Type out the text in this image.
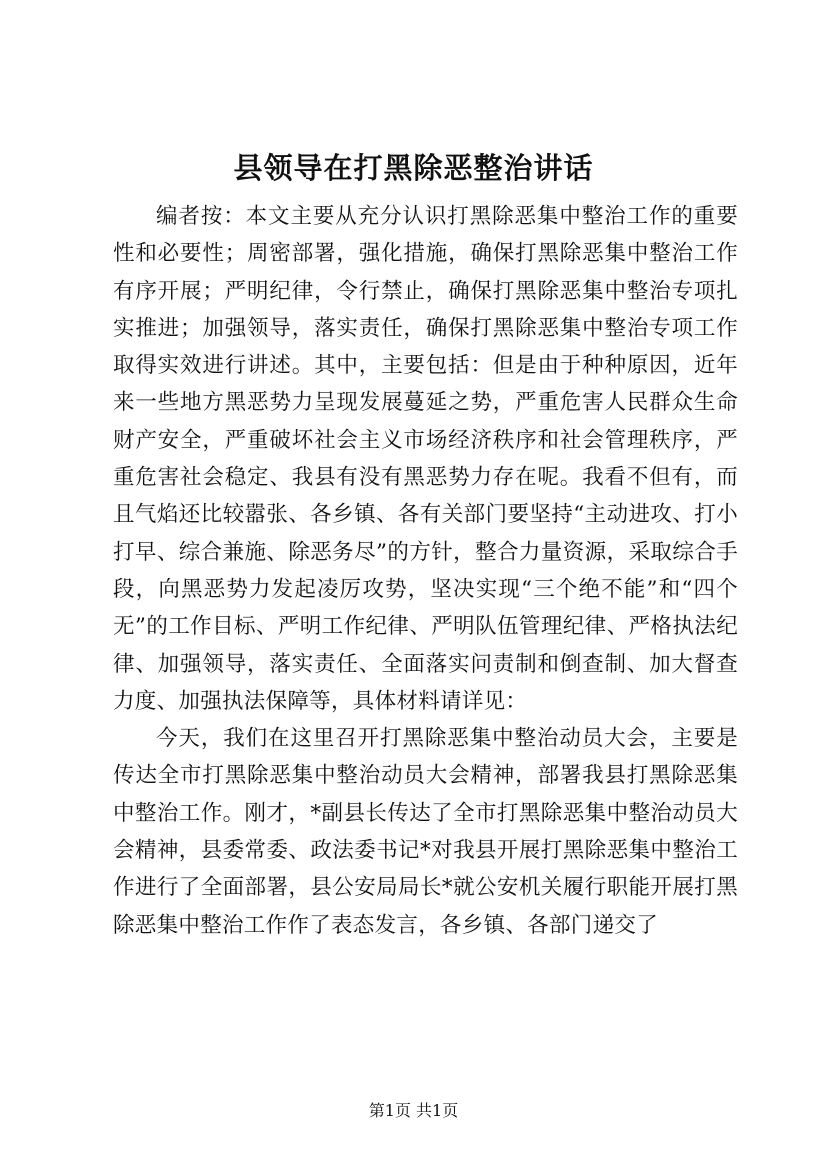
县领导在打黑除恶整治讲话

编者按：本文主要从充分认识打黑除恶集中整治工作的重要性和必要性；周密部署，强化措施，确保打黑除恶集中整治工作有序开展；严明纪律，令行禁止，确保打黑除恶集中整治专项扎实推进；加强领导，落实责任，确保打黑除恶集中整治专项工作取得实效进行讲述。其中，主要包括：但是由于种种原因，近年来一些地方黑恶势力呈现发展蔓延之势，严重危害人民群众生命财产安全，严重破坏社会主义市场经济秩序和社会管理秩序，严重危害社会稳定、我县有没有黑恶势力存在呢。我看不但有，而且气焰还比较嚣张、各乡镇、各有关部门要坚持“主动进攻、打小打早、综合兼施、除恶务尽”的方针，整合力量资源，采取综合手段，向黑恶势力发起凌厉攻势，坚决实现“三个绝不能”和“四个无”的工作目标、严明工作纪律、严明队伍管理纪律、严格执法纪律、加强领导，落实责任、全面落实问责制和倒查制、加大督查力度、加强执法保障等，具体材料请详见：

今天，我们在这里召开打黑除恶集中整治动员大会，主要是传达全市打黑除恶集中整治动员大会精神，部署我县打黑除恶集中整治工作。刚才，*副县长传达了全市打黑除恶集中整治动员大会精神，县委常委、政法委书记*对我县开展打黑除恶集中整治工作进行了全面部署，县公安局局长*就公安机关履行职能开展打黑除恶集中整治工作作了表态发言，各乡镇、各部门递交了

第1页 共1页
